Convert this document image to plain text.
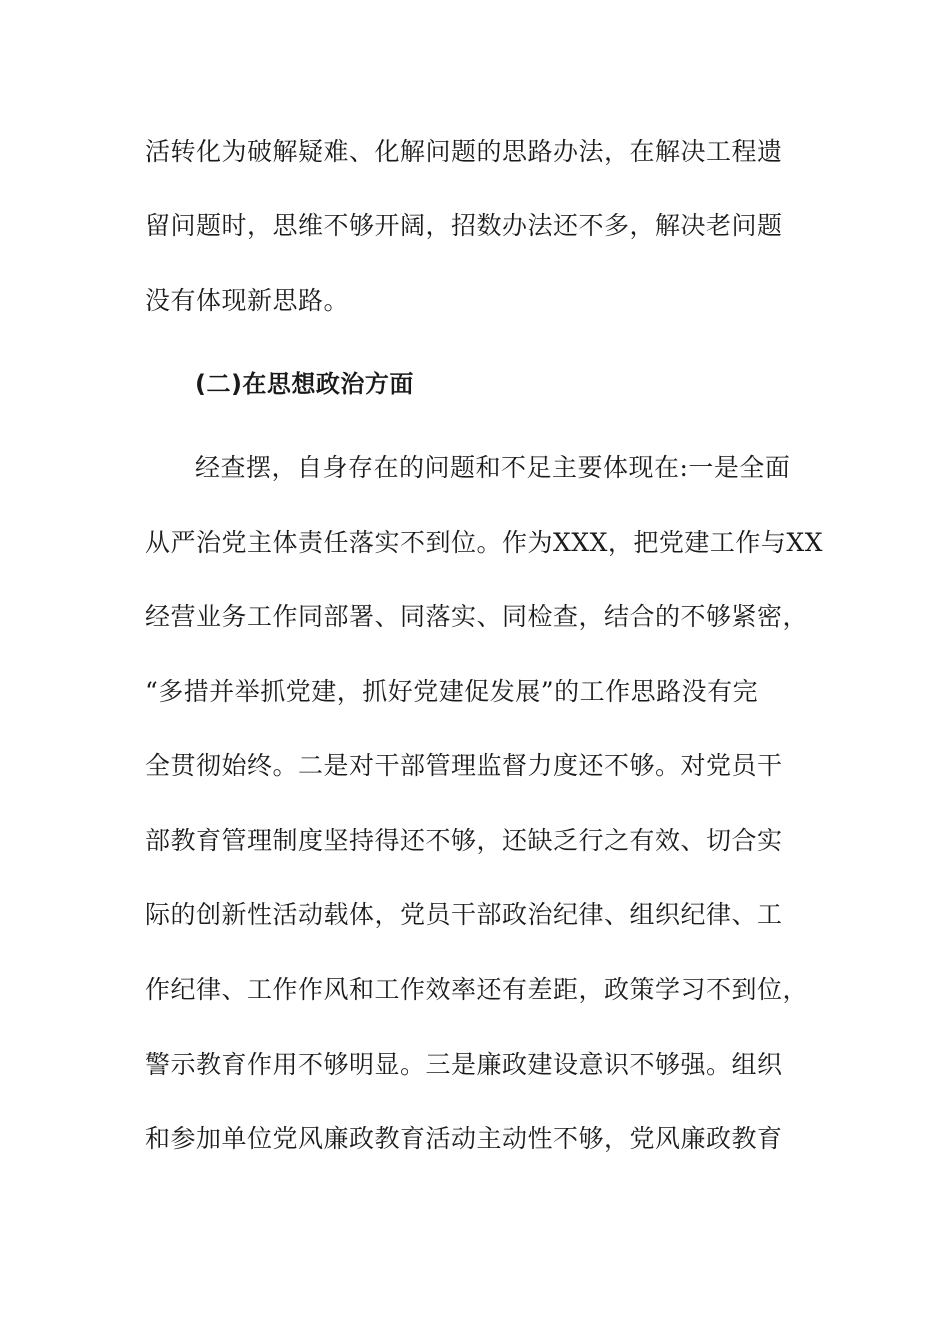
活转化为破解疑难、化解问题的思路办法，在解决工程遗
留问题时，思维不够开阔，招数办法还不多，解决老问题
没有体现新思路。
(二)在思想政治方面
经查摆，自身存在的问题和不足主要体现在:一是全面
从严治党主体责任落实不到位。作为XXX，把党建工作与XX
经营业务工作同部署、同落实、同检查，结合的不够紧密，
“多措并举抓党建，抓好党建促发展”的工作思路没有完
全贯彻始终。二是对干部管理监督力度还不够。对党员干
部教育管理制度坚持得还不够，还缺乏行之有效、切合实
际的创新性活动载体，党员干部政治纪律、组织纪律、工
作纪律、工作作风和工作效率还有差距，政策学习不到位，
警示教育作用不够明显。三是廉政建设意识不够强。组织
和参加单位党风廉政教育活动主动性不够，党风廉政教育
